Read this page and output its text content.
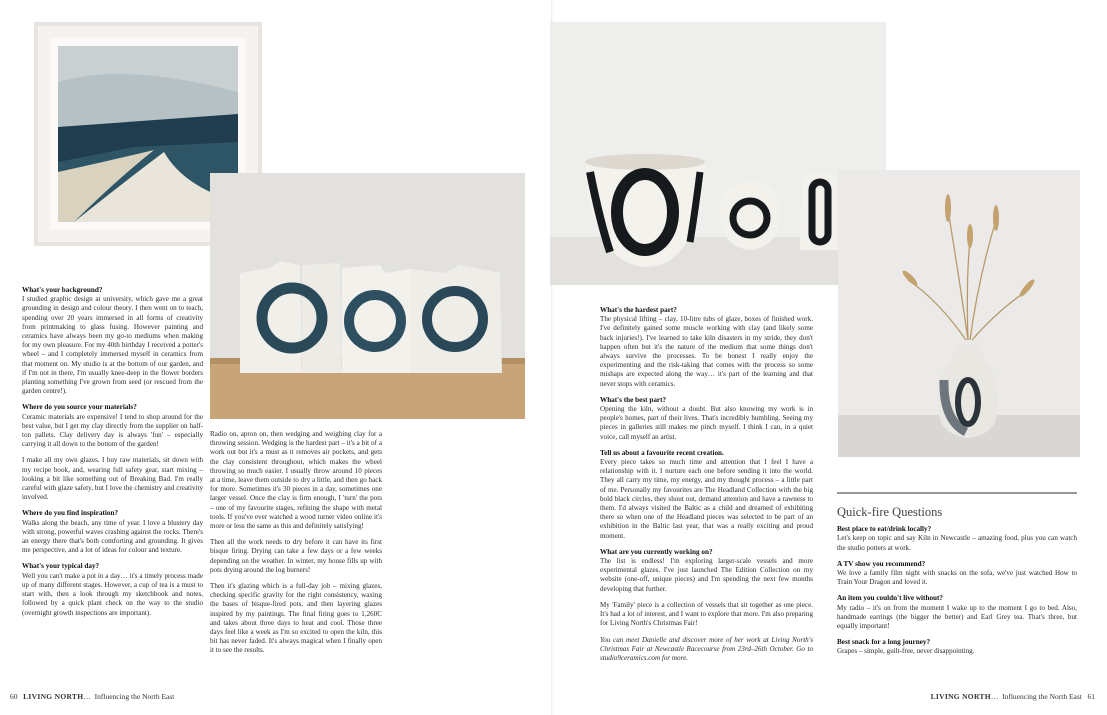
What's your background?

I studied graphic design at university, which gave me a great grounding in design and colour theory. I then went on to teach, spending over 20 years immersed in all forms of creativity from printmaking to glass fusing. However painting and ceramics have always been my go-to mediums when making for my own pleasure. For my 40th birthday I received a potter's wheel – and I completely immersed myself in ceramics from that moment on. My studio is at the bottom of our garden, and if I'm not in there, I'm usually knee-deep in the flower borders planting something I've grown from seed (or rescued from the garden centre!).

Where do you source your materials?

Ceramic materials are expensive! I tend to shop around for the best value, but I get my clay directly from the supplier on half-ton pallets. Clay delivery day is always 'fun' – especially carrying it all down to the bottom of the garden!

I make all my own glazes. I buy raw materials, sit down with my recipe book, and, wearing full safety gear, start mixing – looking a bit like something out of Breaking Bad. I'm really careful with glaze safety, but I love the chemistry and creativity involved.

Where do you find inspiration?

Walks along the beach, any time of year. I love a blustery day with strong, powerful waves crashing against the rocks. There's an energy there that's both comforting and grounding. It gives me perspective, and a lot of ideas for colour and texture.

What's your typical day?

Well you can't make a pot in a day… it's a timely process made up of many different stages. However, a cup of tea is a must to start with, then a look through my sketchbook and notes, followed by a quick plant check on the way to the studio (overnight growth inspections are important).

Radio on, apron on, then wedging and weighing clay for a throwing session. Wedging is the hardest part – it's a bit of a work out but it's a must as it removes air pockets, and gets the clay consistent throughout, which makes the wheel throwing so much easier. I usually throw around 10 pieces at a time, leave them outside to dry a little, and then go back for more. Sometimes it's 30 pieces in a day, sometimes one larger vessel. Once the clay is firm enough, I 'turn' the pots – one of my favourite stages, refining the shape with metal tools. If you've ever watched a wood turner video online it's more or less the same as this and definitely satisfying!

Then all the work needs to dry before it can have its first bisque firing. Drying can take a few days or a few weeks depending on the weather. In winter, my house fills up with pots drying around the log burners!

Then it's glazing which is a full-day job – mixing glazes, checking specific gravity for the right consistency, waxing the bases of bisque-fired pots, and then layering glazes inspired by my paintings. The final firing goes to 1,260C and takes about three days to heat and cool. Those three days feel like a week as I'm so excited to open the kiln, this bit has never faded. It's always magical when I finally open it to see the results.

60 LIVING NORTH…  Influencing the North East
What's the hardest part?

The physical lifting – clay, 10-litre tubs of glaze, boxes of finished work. I've definitely gained some muscle working with clay (and likely some back injuries!). I've learned to take kiln disasters in my stride, they don't happen often but it's the nature of the medium that some things don't always survive the processes. To be honest I really enjoy the experimenting and the risk-taking that comes with the process so some mishaps are expected along the way… it's part of the learning and that never stops with ceramics.

What's the best part?

Opening the kiln, without a doubt. But also knowing my work is in people's homes, part of their lives. That's incredibly humbling. Seeing my pieces in galleries still makes me pinch myself. I think I can, in a quiet voice, call myself an artist.

Tell us about a favourite recent creation.

Every piece takes so much time and attention that I feel I have a relationship with it. I nurture each one before sending it into the world. They all carry my time, my energy, and my thought process – a little part of me. Personally my favourites are The Headland Collection with the big bold black circles, they shout out, demand attention and have a rawness to them. I'd always visited the Baltic as a child and dreamed of exhibiting there so when one of the Headland pieces was selected to be part of an exhibition in the Baltic last year, that was a really exciting and proud moment.

What are you currently working on?

The list is endless! I'm exploring larger-scale vessels and more experimental glazes. I've just launched The Edition Collection on my website (one-off, unique pieces) and I'm spending the next few months developing that further.

My 'Family' piece is a collection of vessels that sit together as one piece. It's had a lot of interest, and I want to explore that more. I'm also preparing for Living North's Christmas Fair!

You can meet Danielle and discover more of her work at Living North's Christmas Fair at Newcastle Racecourse from 23rd–26th October. Go to studio9ceramics.com for more.

Quick-fire Questions
Best place to eat/drink locally?

Let's keep on topic and say Kiln in Newcastle – amazing food, plus you can watch the studio potters at work.

A TV show you recommend?

We love a family film night with snacks on the sofa, we've just watched How to Train Your Dragon and loved it.

An item you couldn't live without?

My radio – it's on from the moment I wake up to the moment I go to bed. Also, handmade earrings (the bigger the better) and Earl Grey tea. That's three, but equally important!

Best snack for a long journey?

Grapes – simple, guilt-free, never disappointing.

LIVING NORTH…  Influencing the North East 61
